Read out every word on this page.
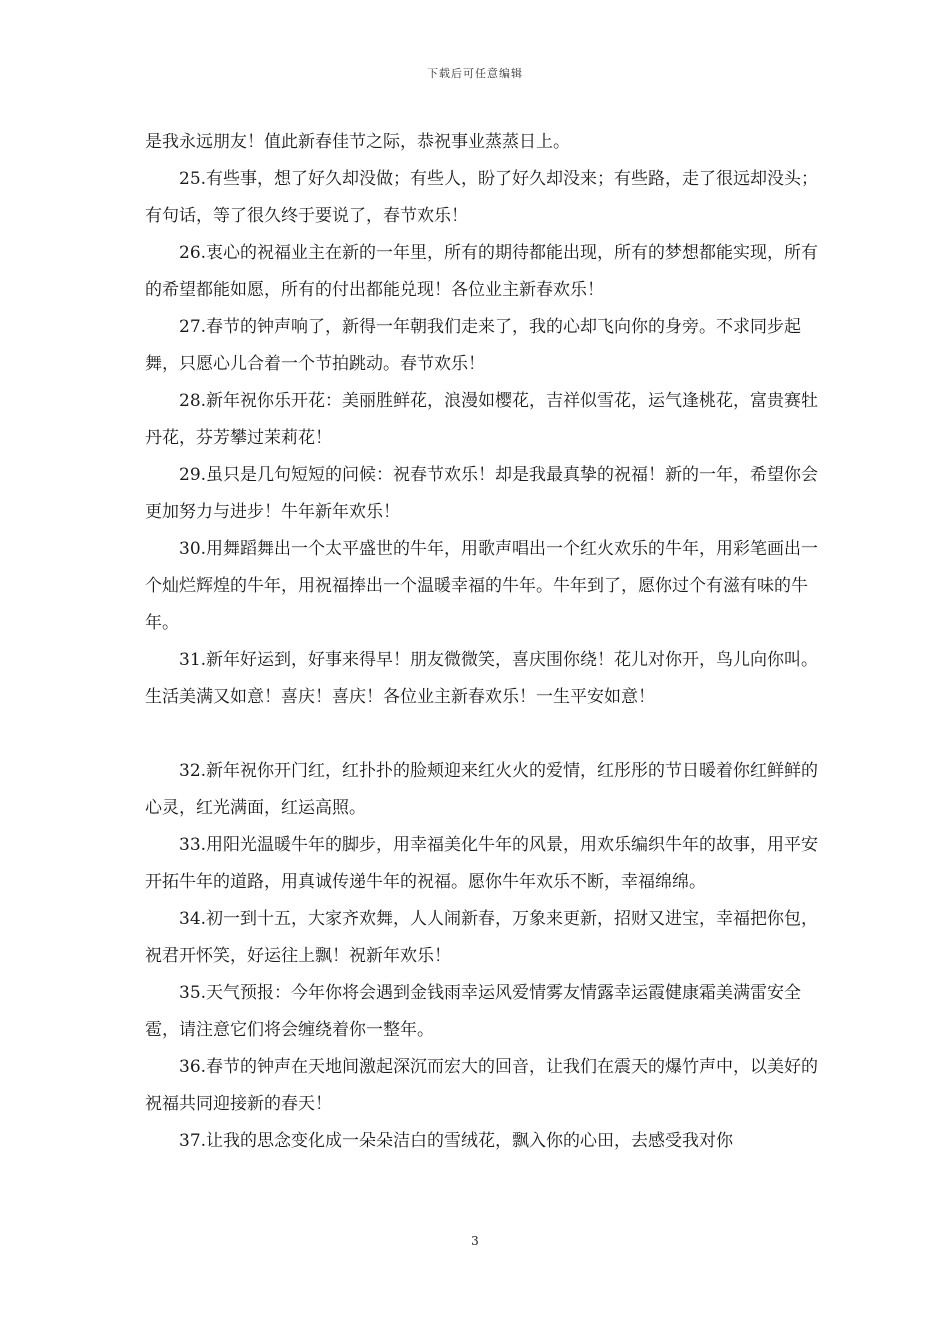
下载后可任意编辑

是我永远朋友！值此新春佳节之际，恭祝事业蒸蒸日上。

25.有些事，想了好久却没做；有些人，盼了好久却没来；有些路，走了很远却没头；有句话，等了很久终于要说了，春节欢乐！

26.衷心的祝福业主在新的一年里，所有的期待都能出现，所有的梦想都能实现，所有的希望都能如愿，所有的付出都能兑现！各位业主新春欢乐！

27.春节的钟声响了，新得一年朝我们走来了，我的心却飞向你的身旁。不求同步起舞，只愿心儿合着一个节拍跳动。春节欢乐！

28.新年祝你乐开花：美丽胜鲜花，浪漫如樱花，吉祥似雪花，运气逢桃花，富贵赛牡丹花，芬芳攀过茉莉花！

29.虽只是几句短短的问候：祝春节欢乐！却是我最真挚的祝福！新的一年，希望你会更加努力与进步！牛年新年欢乐！

30.用舞蹈舞出一个太平盛世的牛年，用歌声唱出一个红火欢乐的牛年，用彩笔画出一个灿烂辉煌的牛年，用祝福捧出一个温暖幸福的牛年。牛年到了，愿你过个有滋有味的牛年。

31.新年好运到，好事来得早！朋友微微笑，喜庆围你绕！花儿对你开，鸟儿向你叫。生活美满又如意！喜庆！喜庆！各位业主新春欢乐！一生平安如意！

32.新年祝你开门红，红扑扑的脸颊迎来红火火的爱情，红彤彤的节日暖着你红鲜鲜的心灵，红光满面，红运高照。

33.用阳光温暖牛年的脚步，用幸福美化牛年的风景，用欢乐编织牛年的故事，用平安开拓牛年的道路，用真诚传递牛年的祝福。愿你牛年欢乐不断，幸福绵绵。

34.初一到十五，大家齐欢舞，人人闹新春，万象来更新，招财又进宝，幸福把你包，祝君开怀笑，好运往上飘！祝新年欢乐！

35.天气预报：今年你将会遇到金钱雨幸运风爱情雾友情露幸运霞健康霜美满雷安全雹，请注意它们将会缠绕着你一整年。

36.春节的钟声在天地间激起深沉而宏大的回音，让我们在震天的爆竹声中，以美好的祝福共同迎接新的春天！

37.让我的思念变化成一朵朵洁白的雪绒花，飘入你的心田，去感受我对你

3
